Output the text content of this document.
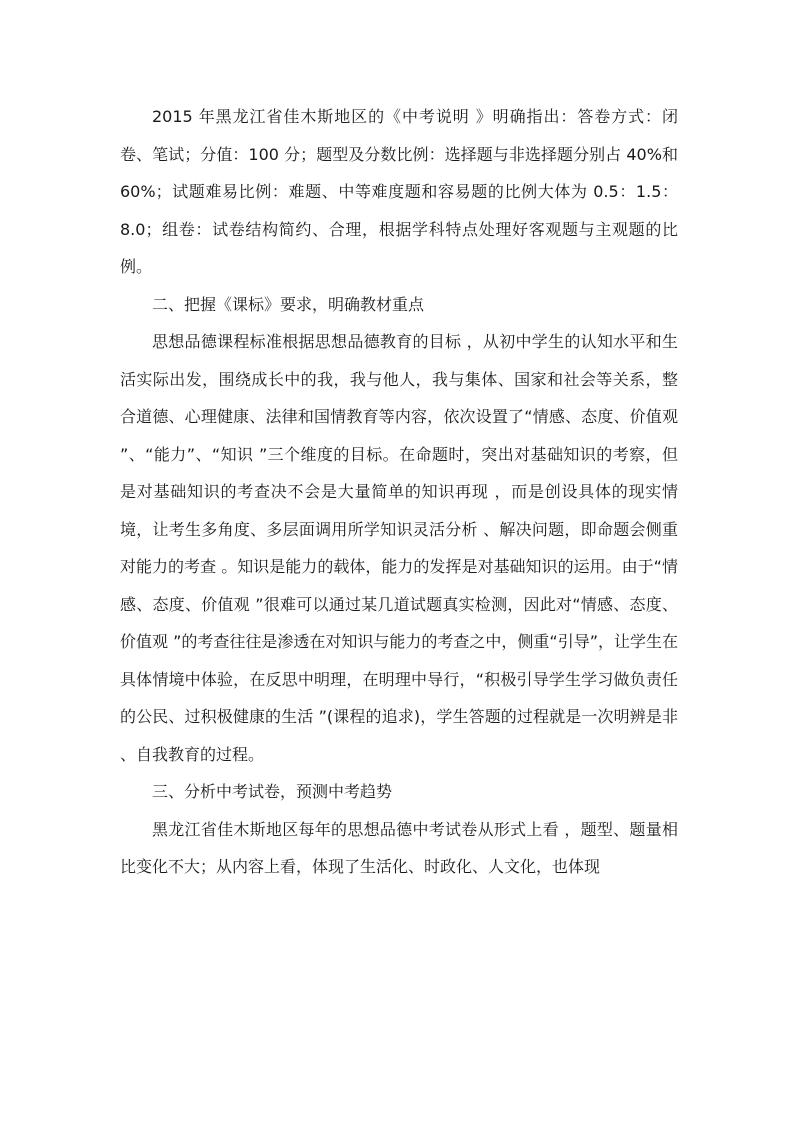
2015 年黑龙江省佳木斯地区的《中考说明 》明确指出：答卷方式：闭卷、笔试；分值：100 分；题型及分数比例：选择题与非选择题分别占 40%和 60%；试题难易比例：难题、中等难度题和容易题的比例大体为 0.5：1.5：8.0；组卷：试卷结构简约、合理，根据学科特点处理好客观题与主观题的比例。

二、把握《课标》要求，明确教材重点

思想品德课程标准根据思想品德教育的目标 ，从初中学生的认知水平和生活实际出发，围绕成长中的我，我与他人，我与集体、国家和社会等关系，整合道德、心理健康、法律和国情教育等内容，依次设置了“情感、态度、价值观 ”、“能力”、“知识 ”三个维度的目标。在命题时，突出对基础知识的考察，但是对基础知识的考查决不会是大量简单的知识再现 ，而是创设具体的现实情境，让考生多角度、多层面调用所学知识灵活分析 、解决问题，即命题会侧重对能力的考查 。知识是能力的载体，能力的发挥是对基础知识的运用。由于“情感、态度、价值观 ”很难可以通过某几道试题真实检测，因此对“情感、态度、价值观 ”的考查往往是渗透在对知识与能力的考查之中，侧重“引导”，让学生在具体情境中体验，在反思中明理，在明理中导行，“积极引导学生学习做负责任的公民、过积极健康的生活 ”(课程的追求)，学生答题的过程就是一次明辨是非 、自我教育的过程。

三、分析中考试卷，预测中考趋势

黑龙江省佳木斯地区每年的思想品德中考试卷从形式上看 ，题型、题量相比变化不大；从内容上看，体现了生活化、时政化、人文化，也体现
